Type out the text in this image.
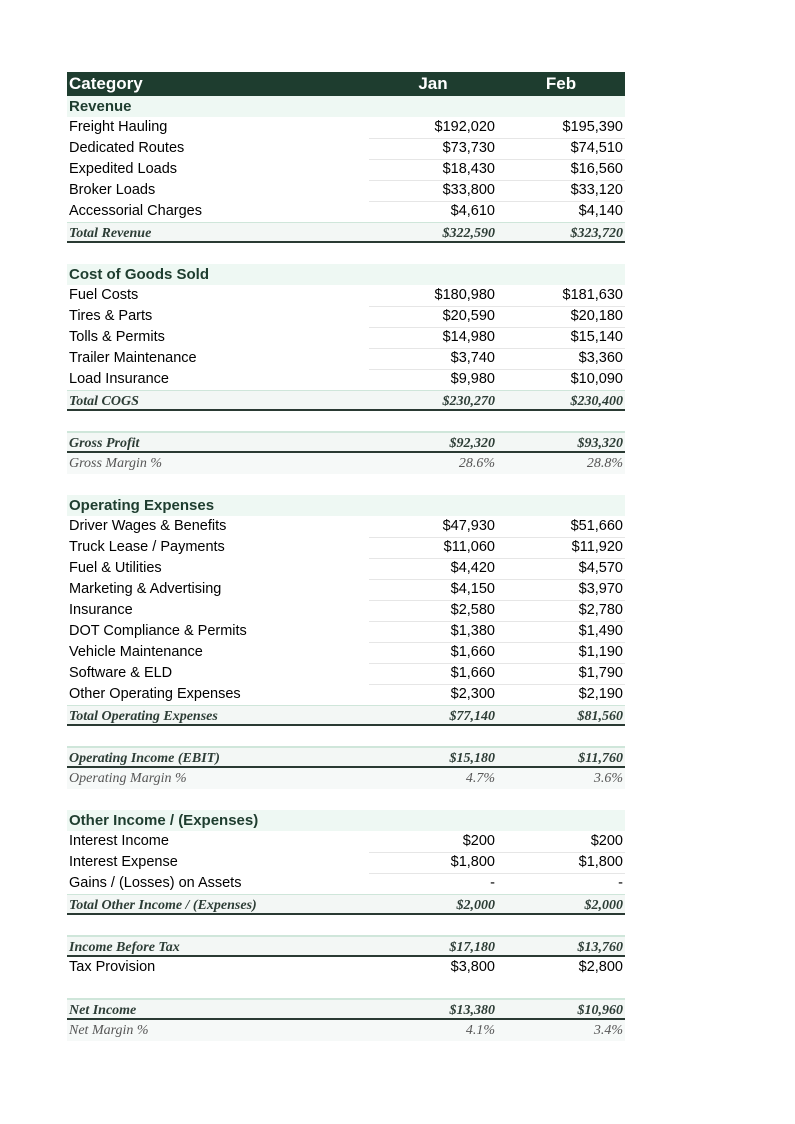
Category	Jan	Feb
Revenue
Freight Hauling	$192,020	$195,390
Dedicated Routes	$73,730	$74,510
Expedited Loads	$18,430	$16,560
Broker Loads	$33,800	$33,120
Accessorial Charges	$4,610	$4,140
Total Revenue	$322,590	$323,720
Cost of Goods Sold
Fuel Costs	$180,980	$181,630
Tires & Parts	$20,590	$20,180
Tolls & Permits	$14,980	$15,140
Trailer Maintenance	$3,740	$3,360
Load Insurance	$9,980	$10,090
Total COGS	$230,270	$230,400
Gross Profit	$92,320	$93,320
Gross Margin %	28.6%	28.8%
Operating Expenses
Driver Wages & Benefits	$47,930	$51,660
Truck Lease / Payments	$11,060	$11,920
Fuel & Utilities	$4,420	$4,570
Marketing & Advertising	$4,150	$3,970
Insurance	$2,580	$2,780
DOT Compliance & Permits	$1,380	$1,490
Vehicle Maintenance	$1,660	$1,190
Software & ELD	$1,660	$1,790
Other Operating Expenses	$2,300	$2,190
Total Operating Expenses	$77,140	$81,560
Operating Income (EBIT)	$15,180	$11,760
Operating Margin %	4.7%	3.6%
Other Income / (Expenses)
Interest Income	$200	$200
Interest Expense	$1,800	$1,800
Gains / (Losses) on Assets	-	-
Total Other Income / (Expenses)	$2,000	$2,000
Income Before Tax	$17,180	$13,760
Tax Provision	$3,800	$2,800
Net Income	$13,380	$10,960
Net Margin %	4.1%	3.4%
